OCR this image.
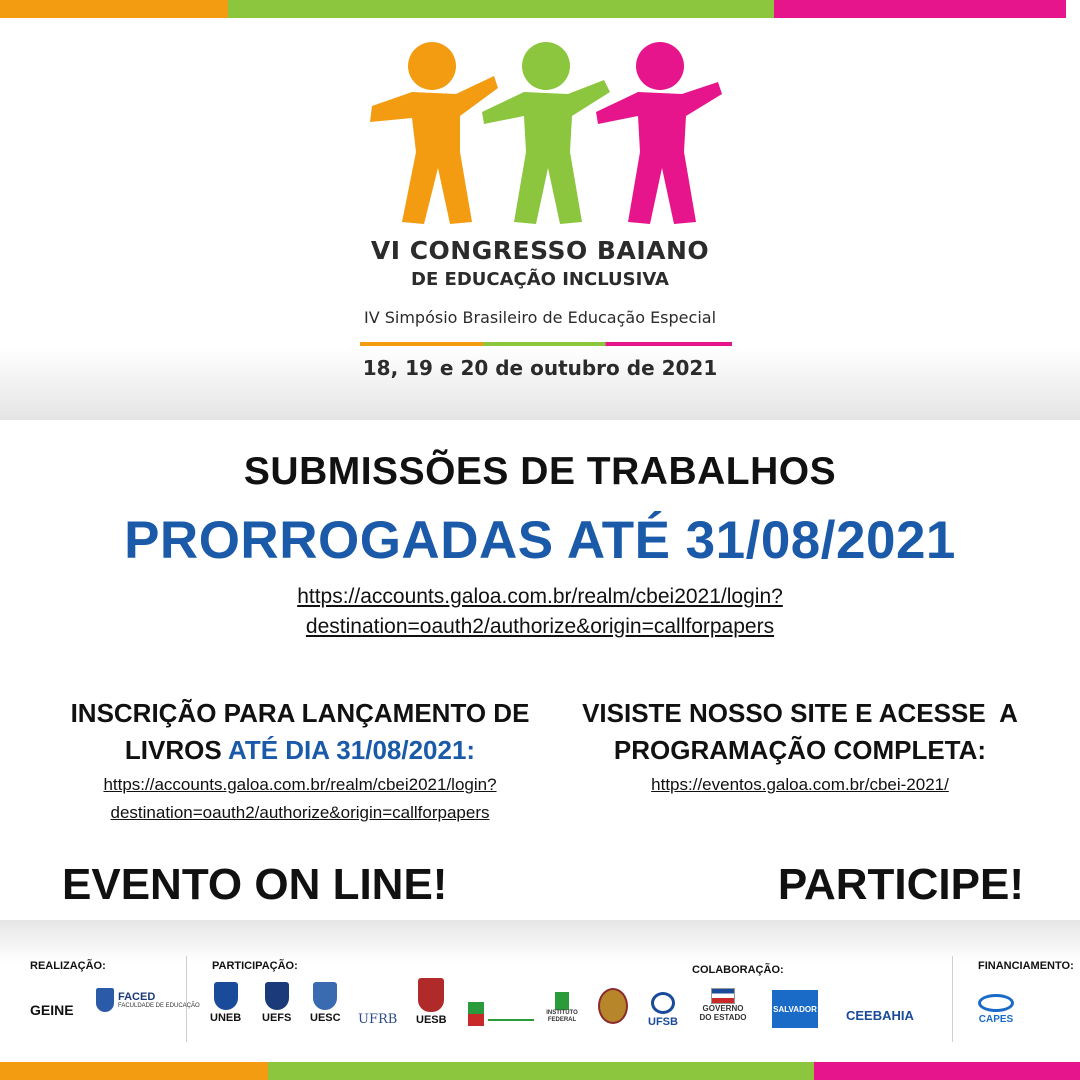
VI CONGRESSO BAIANO
DE EDUCAÇÃO INCLUSIVA
IV Simpósio Brasileiro de Educação Especial
18, 19 e 20 de outubro de 2021
SUBMISSÕES DE TRABALHOS
PRORROGADAS ATÉ 31/08/2021
https://accounts.galoa.com.br/realm/cbei2021/login?
destination=oauth2/authorize&origin=callforpapers
INSCRIÇÃO PARA LANÇAMENTO DE
LIVROS ATÉ DIA 31/08/2021:
https://accounts.galoa.com.br/realm/cbei2021/login?
destination=oauth2/authorize&origin=callforpapers
VISISTE NOSSO SITE E ACESSE  A
PROGRAMAÇÃO COMPLETA:
https://eventos.galoa.com.br/cbei-2021/
EVENTO ON LINE!	PARTICIPE!
REALIZAÇÃO:	PARTICIPAÇÃO:	COLABORAÇÃO:	FINANCIAMENTO:
GEINE
FACED
FACULDADE DE EDUCAÇÃO
UNEB UEFS UESC UFRB UESB
INSTITUTO FEDERAL	UFSB
GOVERNO DO ESTADO
SALVADOR CEEBAHIA	CAPES
